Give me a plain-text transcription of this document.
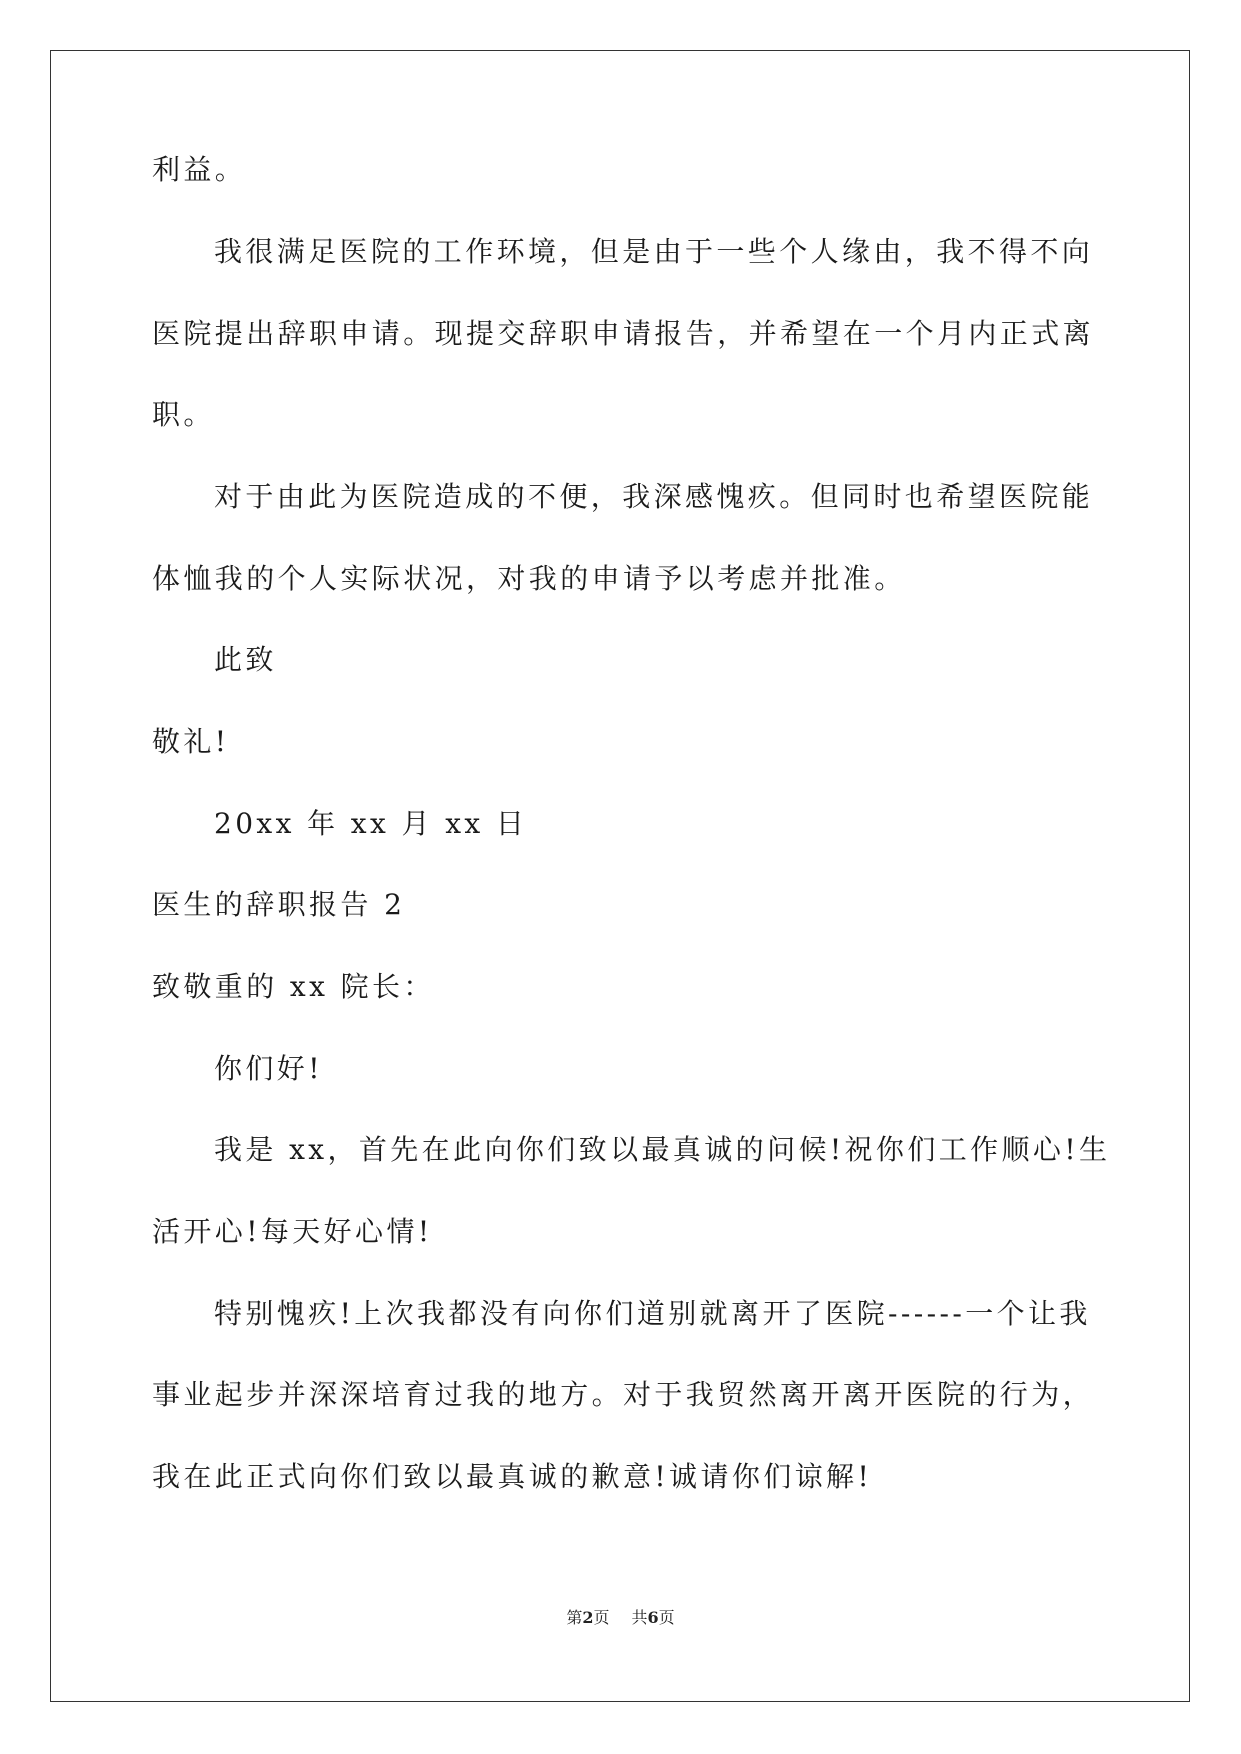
利益。
我很满足医院的工作环境，但是由于一些个人缘由，我不得不向
医院提出辞职申请。现提交辞职申请报告，并希望在一个月内正式离
职。
对于由此为医院造成的不便，我深感愧疚。但同时也希望医院能
体恤我的个人实际状况，对我的申请予以考虑并批准。
此致
敬礼!
20xx 年 xx 月 xx 日
医生的辞职报告 2
致敬重的 xx 院长：
你们好!
我是 xx，首先在此向你们致以最真诚的问候!祝你们工作顺心!生
活开心!每天好心情!
特别愧疚!上次我都没有向你们道别就离开了医院------一个让我
事业起步并深深培育过我的地方。对于我贸然离开离开医院的行为，
我在此正式向你们致以最真诚的歉意!诚请你们谅解!
第2页 共6页
